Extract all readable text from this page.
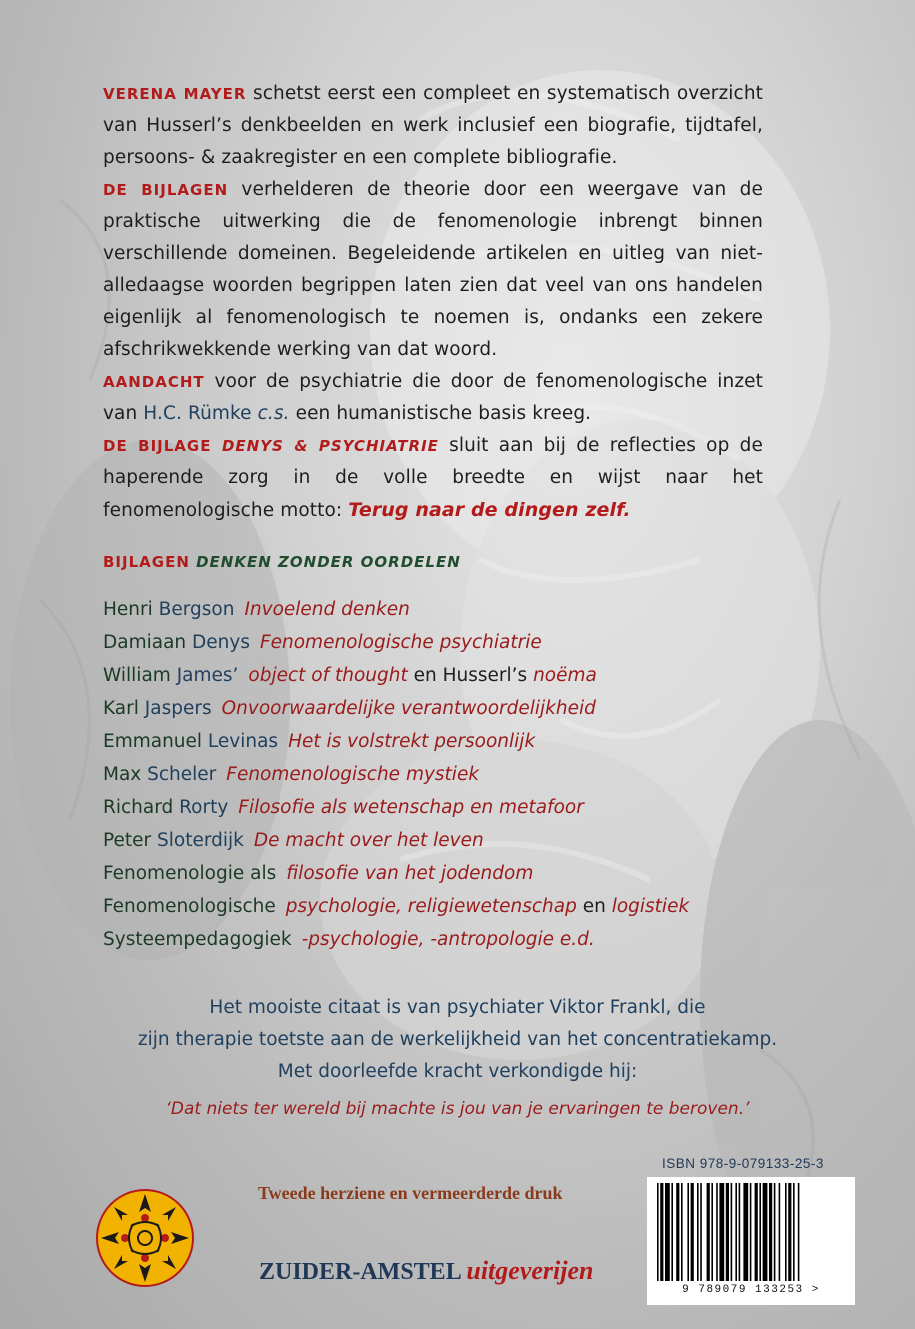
VERENA MAYER schetst eerst een compleet en systematisch overzicht van Husserl’s denkbeelden en werk inclusief een biografie, tijdtafel, persoons- & zaakregister en een complete bibliografie.
DE BIJLAGEN verhelderen de theorie door een weergave van de praktische uitwerking die de fenomenologie inbrengt binnen verschillende domeinen. Begeleidende artikelen en uitleg van niet-alledaagse woorden begrippen laten zien dat veel van ons handelen eigenlijk al fenomenologisch te noemen is, ondanks een zekere afschrikwekkende werking van dat woord.
AANDACHT voor de psychiatrie die door de fenomenologische inzet van H.C. Rümke c.s. een humanistische basis kreeg.
DE BIJLAGE DENYS & PSYCHIATRIE sluit aan bij de reflecties op de haperende zorg in de volle breedte en wijst naar het fenomenologische motto: Terug naar de dingen zelf.
BIJLAGEN DENKEN ZONDER OORDELEN
Henri Bergson Invoelend denken
Damiaan Denys Fenomenologische psychiatrie
William James’ object of thought en Husserl’s noëma
Karl Jaspers Onvoorwaardelijke verantwoordelijkheid
Emmanuel Levinas Het is volstrekt persoonlijk
Max Scheler Fenomenologische mystiek
Richard Rorty Filosofie als wetenschap en metafoor
Peter Sloterdijk De macht over het leven
Fenomenologie als filosofie van het jodendom
Fenomenologische psychologie, religiewetenschap en logistiek
Systeempedagogiek -psychologie, -antropologie e.d.
Het mooiste citaat is van psychiater Viktor Frankl, die
zijn therapie toetste aan de werkelijkheid van het concentratiekamp.
Met doorleefde kracht verkondigde hij:
‘Dat niets ter wereld bij machte is jou van je ervaringen te beroven.’
Tweede herziene en vermeerderde druk
ZUIDER-AMSTEL uitgeverijen
ISBN 978-9-079133-25-3
9 789079 133253 >
